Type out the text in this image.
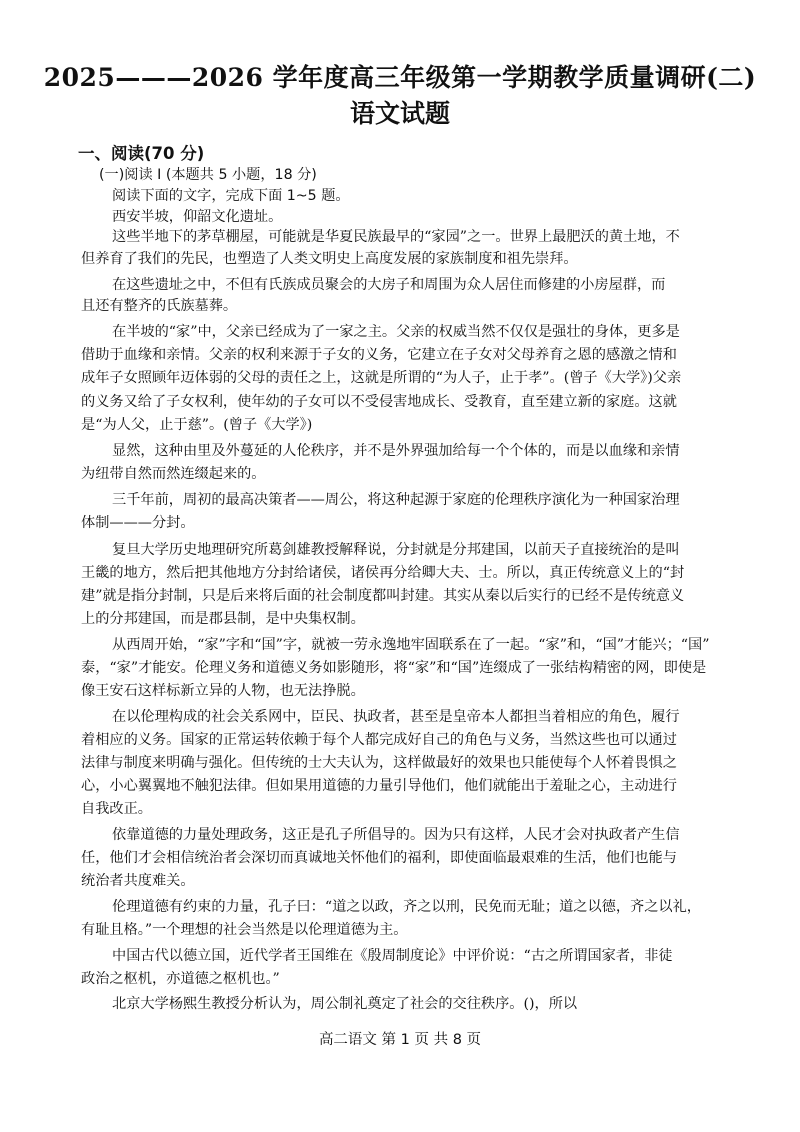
2025———2026 学年度高三年级第一学期教学质量调研(二)
语文试题
一、阅读(70 分)
(一)阅读 I (本题共 5 小题，18 分)
阅读下面的文字，完成下面 1~5 题。
西安半坡，仰韶文化遗址。
这些半地下的茅草棚屋，可能就是华夏民族最早的“家园”之一。世界上最肥沃的黄土地，不
但养育了我们的先民，也塑造了人类文明史上高度发展的家族制度和祖先崇拜。
在这些遗址之中，不但有氏族成员聚会的大房子和周围为众人居住而修建的小房屋群，而
且还有整齐的氏族墓葬。
在半坡的“家”中，父亲已经成为了一家之主。父亲的权威当然不仅仅是强壮的身体，更多是
借助于血缘和亲情。父亲的权利来源于子女的义务，它建立在子女对父母养育之恩的感激之情和
成年子女照顾年迈体弱的父母的责任之上，这就是所谓的“为人子，止于孝”。(曾子《大学》)父亲
的义务又给了子女权利，使年幼的子女可以不受侵害地成长、受教育，直至建立新的家庭。这就
是“为人父，止于慈”。(曾子《大学》)
显然，这种由里及外蔓延的人伦秩序，并不是外界强加给每一个个体的，而是以血缘和亲情
为纽带自然而然连缀起来的。
三千年前，周初的最高决策者——周公，将这种起源于家庭的伦理秩序演化为一种国家治理
体制———分封。
复旦大学历史地理研究所葛剑雄教授解释说，分封就是分邦建国，以前天子直接统治的是叫
王畿的地方，然后把其他地方分封给诸侯，诸侯再分给卿大夫、士。所以，真正传统意义上的“封
建”就是指分封制，只是后来将后面的社会制度都叫封建。其实从秦以后实行的已经不是传统意义
上的分邦建国，而是郡县制，是中央集权制。
从西周开始，“家”字和“国”字，就被一劳永逸地牢固联系在了一起。“家”和，“国”才能兴；“国”
泰，“家”才能安。伦理义务和道德义务如影随形，将“家”和“国”连缀成了一张结构精密的网，即使是
像王安石这样标新立异的人物，也无法挣脱。
在以伦理构成的社会关系网中，臣民、执政者，甚至是皇帝本人都担当着相应的角色，履行
着相应的义务。国家的正常运转依赖于每个人都完成好自己的角色与义务，当然这些也可以通过
法律与制度来明确与强化。但传统的士大夫认为，这样做最好的效果也只能使每个人怀着畏惧之
心，小心翼翼地不触犯法律。但如果用道德的力量引导他们，他们就能出于羞耻之心，主动进行
自我改正。
依靠道德的力量处理政务，这正是孔子所倡导的。因为只有这样，人民才会对执政者产生信
任，他们才会相信统治者会深切而真诚地关怀他们的福利，即使面临最艰难的生活，他们也能与
统治者共度难关。
伦理道德有约束的力量，孔子曰：“道之以政，齐之以刑，民免而无耻；道之以德，齐之以礼，
有耻且格。”一个理想的社会当然是以伦理道德为主。
中国古代以德立国，近代学者王国维在《殷周制度论》中评价说：“古之所谓国家者，非徒
政治之枢机，亦道德之枢机也。”
北京大学杨熙生教授分析认为，周公制礼奠定了社会的交往秩序。()，所以
高二语文 第 1 页 共 8 页
